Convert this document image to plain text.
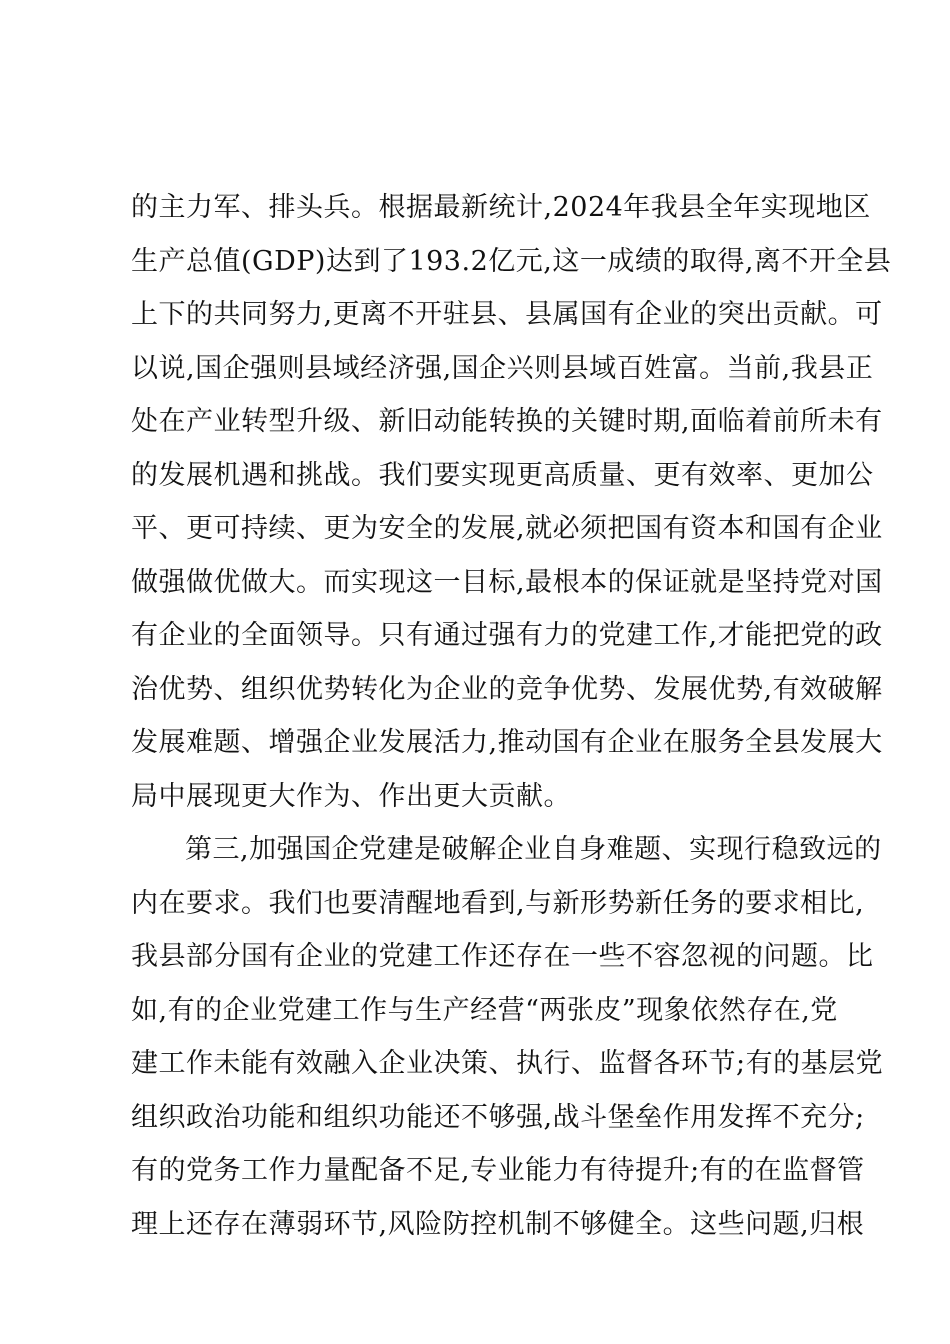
的主力军、排头兵。根据最新统计,2024年我县全年实现地区
生产总值(GDP)达到了193.2亿元,这一成绩的取得,离不开全县
上下的共同努力,更离不开驻县、县属国有企业的突出贡献。可
以说,国企强则县域经济强,国企兴则县域百姓富。当前,我县正
处在产业转型升级、新旧动能转换的关键时期,面临着前所未有
的发展机遇和挑战。我们要实现更高质量、更有效率、更加公
平、更可持续、更为安全的发展,就必须把国有资本和国有企业
做强做优做大。而实现这一目标,最根本的保证就是坚持党对国
有企业的全面领导。只有通过强有力的党建工作,才能把党的政
治优势、组织优势转化为企业的竞争优势、发展优势,有效破解
发展难题、增强企业发展活力,推动国有企业在服务全县发展大
局中展现更大作为、作出更大贡献。
第三,加强国企党建是破解企业自身难题、实现行稳致远的
内在要求。我们也要清醒地看到,与新形势新任务的要求相比,
我县部分国有企业的党建工作还存在一些不容忽视的问题。比
如,有的企业党建工作与生产经营“两张皮”现象依然存在,党
建工作未能有效融入企业决策、执行、监督各环节;有的基层党
组织政治功能和组织功能还不够强,战斗堡垒作用发挥不充分;
有的党务工作力量配备不足,专业能力有待提升;有的在监督管
理上还存在薄弱环节,风险防控机制不够健全。这些问题,归根
